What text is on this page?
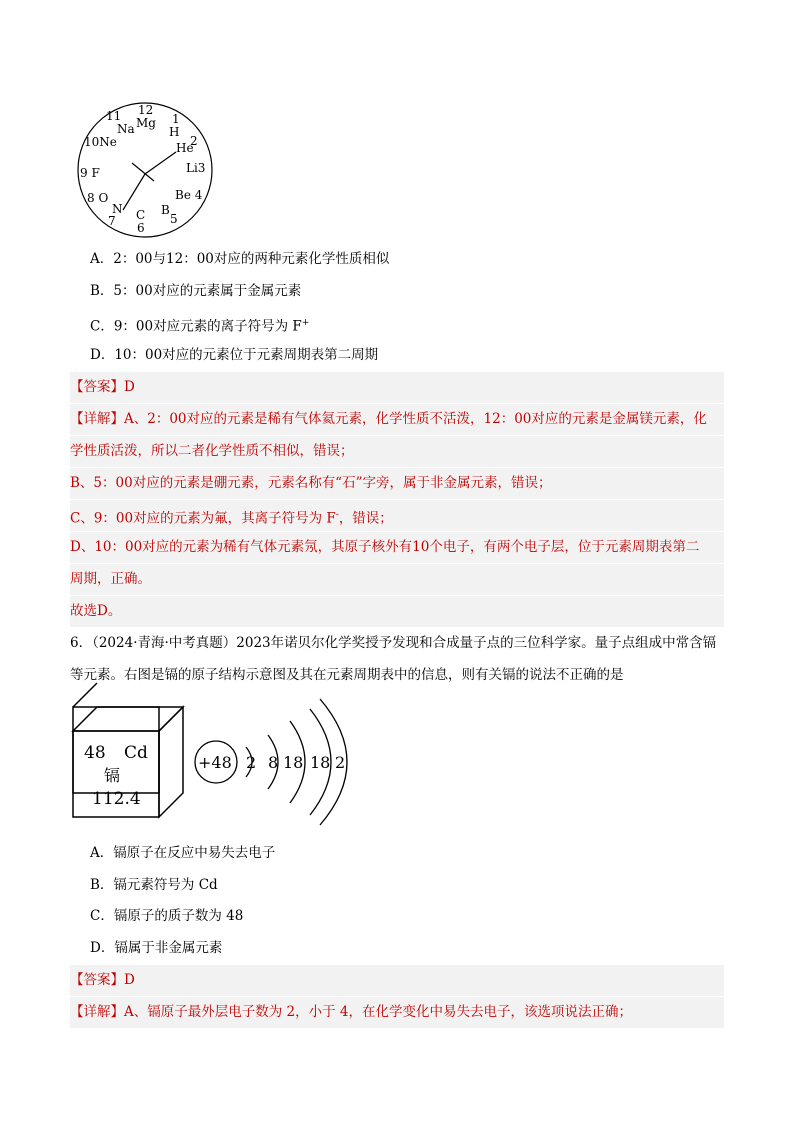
12
Mg
11
Na
1
H
He
2
10Ne
Li3
9 F
Be 4
8 O
N
7 C
6
B
5
A．2：00与12：00对应的两种元素化学性质相似
B．5：00对应的元素属于金属元素
C．9：00对应元素的离子符号为 F+
D．10：00对应的元素位于元素周期表第二周期
【答案】D
【详解】A、2：00对应的元素是稀有气体氦元素，化学性质不活泼，12：00对应的元素是金属镁元素，化
学性质活泼，所以二者化学性质不相似，错误；
B、5：00对应的元素是硼元素，元素名称有“石”字旁，属于非金属元素，错误；
C、9：00对应的元素为氟，其离子符号为 F-，错误；
D、10：00对应的元素为稀有气体元素氖，其原子核外有10个电子，有两个电子层，位于元素周期表第二
周期，正确。
故选D。
6．（2024·青海·中考真题）2023年诺贝尔化学奖授予发现和合成量子点的三位科学家。量子点组成中常含镉
等元素。右图是镉的原子结构示意图及其在元素周期表中的信息，则有关镉的说法不正确的是
48 Cd
镉
112.4
+48 2 8 18 18 2
A．镉原子在反应中易失去电子
B．镉元素符号为 Cd
C．镉原子的质子数为 48
D．镉属于非金属元素
【答案】D
【详解】A、镉原子最外层电子数为 2，小于 4，在化学变化中易失去电子，该选项说法正确；
